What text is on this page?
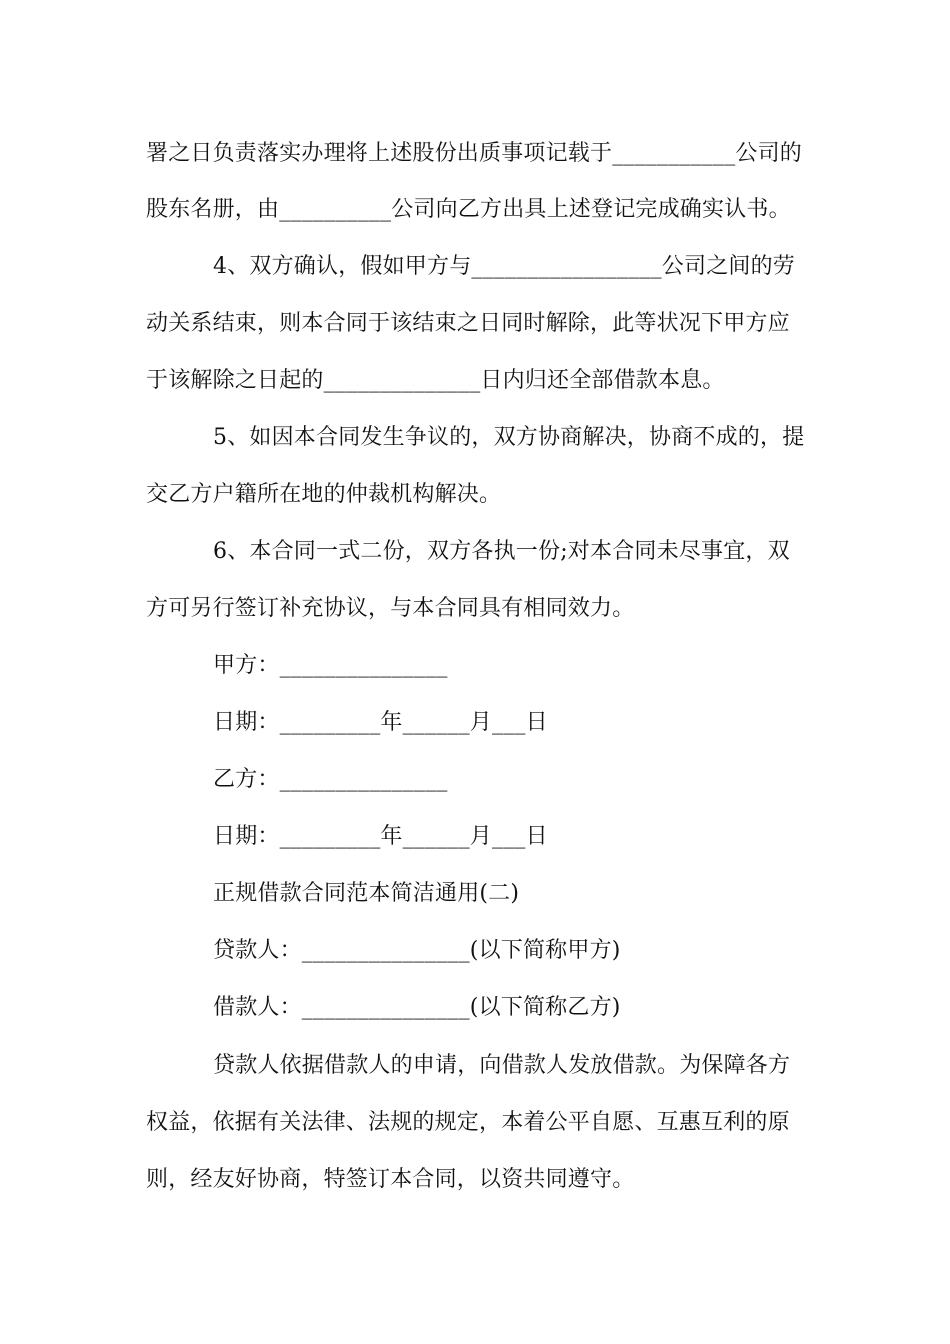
署之日负责落实办理将上述股份出质事项记载于___________公司的
股东名册，由__________公司向乙方出具上述登记完成确实认书。
4、双方确认，假如甲方与_________________公司之间的劳
动关系结束，则本合同于该结束之日同时解除，此等状况下甲方应
于该解除之日起的______________日内归还全部借款本息。
5、如因本合同发生争议的，双方协商解决，协商不成的，提
交乙方户籍所在地的仲裁机构解决。
6、本合同一式二份，双方各执一份;对本合同未尽事宜，双
方可另行签订补充协议，与本合同具有相同效力。
甲方：_______________
日期：_________年______月___日
乙方：_______________
日期：_________年______月___日
正规借款合同范本简洁通用(二)
贷款人：_______________(以下简称甲方)
借款人：_______________(以下简称乙方)
贷款人依据借款人的申请，向借款人发放借款。为保障各方
权益，依据有关法律、法规的规定，本着公平自愿、互惠互利的原
则，经友好协商，特签订本合同，以资共同遵守。
